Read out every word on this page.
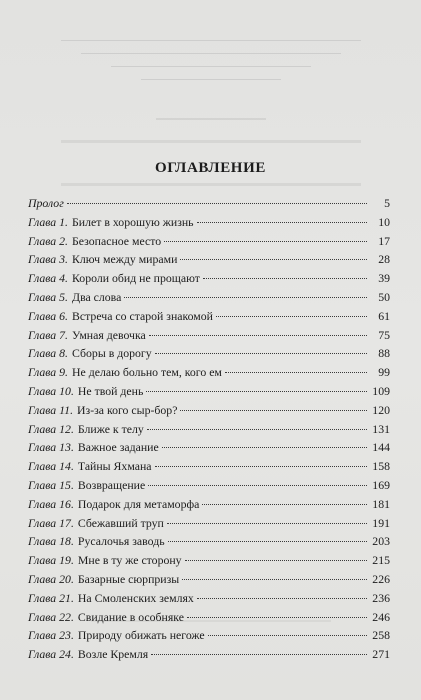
ОГЛАВЛЕНИЕ
Пролог	5
Глава 1. Билет в хорошую жизнь	10
Глава 2. Безопасное место	17
Глава 3. Ключ между мирами	28
Глава 4. Короли обид не прощают	39
Глава 5. Два слова	50
Глава 6. Встреча со старой знакомой	61
Глава 7. Умная девочка	75
Глава 8. Сборы в дорогу	88
Глава 9. Не делаю больно тем, кого ем	99
Глава 10. Не твой день	109
Глава 11. Из-за кого сыр-бор?	120
Глава 12. Ближе к телу	131
Глава 13. Важное задание	144
Глава 14. Тайны Яхмана	158
Глава 15. Возвращение	169
Глава 16. Подарок для метаморфа	181
Глава 17. Сбежавший труп	191
Глава 18. Русалочья заводь	203
Глава 19. Мне в ту же сторону	215
Глава 20. Базарные сюрпризы	226
Глава 21. На Смоленских землях	236
Глава 22. Свидание в особняке	246
Глава 23. Природу обижать негоже	258
Глава 24. Возле Кремля	271
